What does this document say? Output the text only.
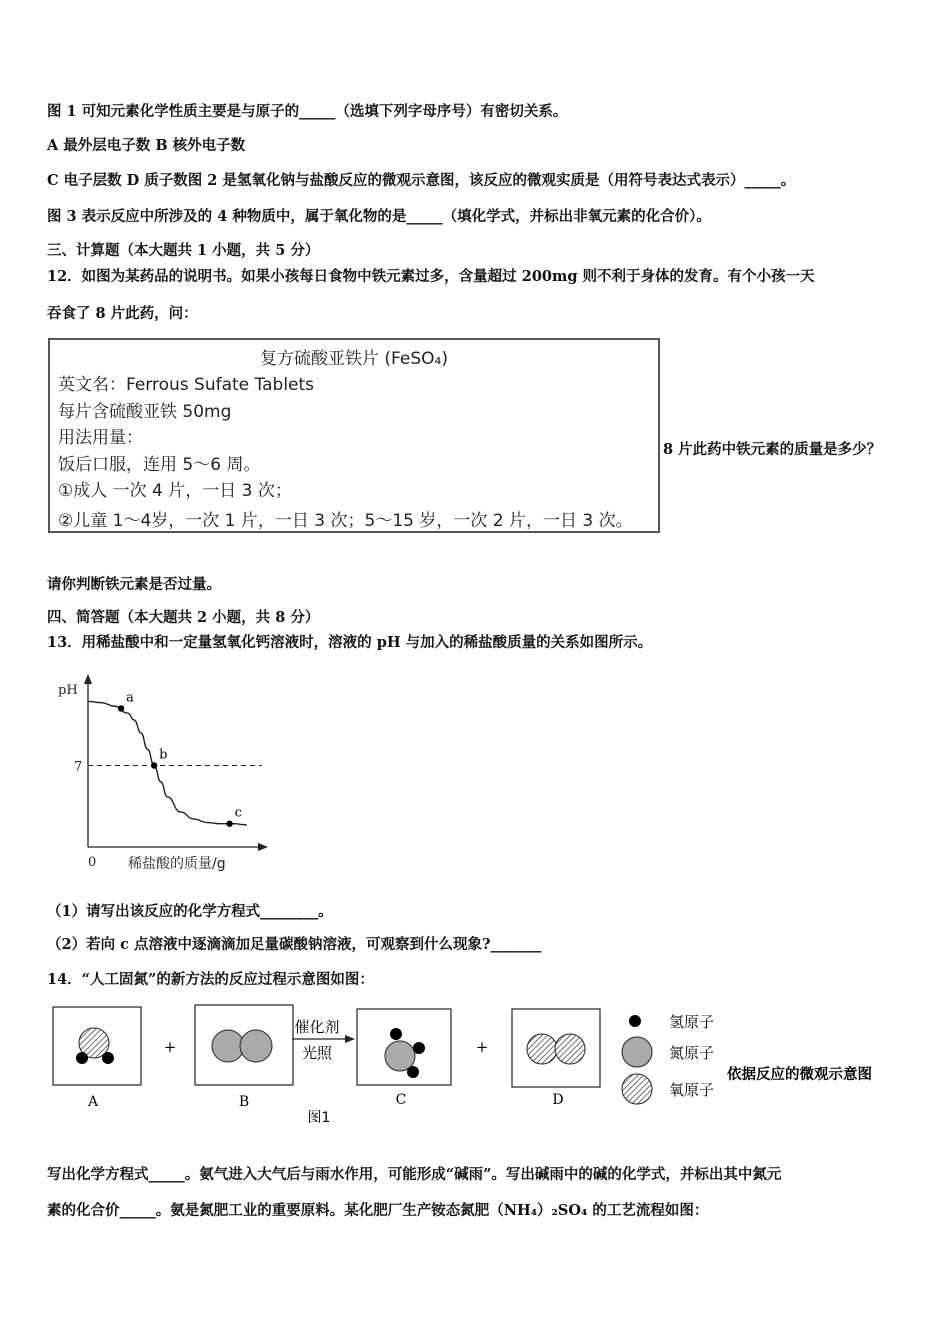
图 1 可知元素化学性质主要是与原子的_____（选填下列字母序号）有密切关系。
A 最外层电子数 B 核外电子数
C 电子层数 D 质子数图 2 是氢氧化钠与盐酸反应的微观示意图，该反应的微观实质是（用符号表达式表示）_____。
图 3 表示反应中所涉及的 4 种物质中，属于氧化物的是_____（填化学式，并标出非氧元素的化合价）。
三、计算题（本大题共 1 小题，共 5 分）
12．如图为某药品的说明书。如果小孩每日食物中铁元素过多，含量超过 200mg 则不利于身体的发育。有个小孩一天
吞食了 8 片此药，问：
复方硫酸亚铁片 (FeSO₄)
英文名：Ferrous Sufate Tablets
每片含硫酸亚铁 50mg
用法用量：
饭后口服，连用 5～6 周。
①成人 一次 4 片，一日 3 次；
②儿童 1～4岁，一次 1 片，一日 3 次；5～15 岁，一次 2 片，一日 3 次。
8 片此药中铁元素的质量是多少？
请你判断铁元素是否过量。
四、简答题（本大题共 2 小题，共 8 分）
13．用稀盐酸中和一定量氢氧化钙溶液时，溶液的 pH 与加入的稀盐酸质量的关系如图所示。
pH
7
0 稀盐酸的质量/g
a
b
c
（1）请写出该反应的化学方程式________。
（2）若向 c 点溶液中逐滴滴加足量碳酸钠溶液，可观察到什么现象?_______
14．“人工固氮”的新方法的反应过程示意图如图：
A
+
B
催化剂
光照
C
图1
+
D
氢原子
氮原子
氧原子
依据反应的微观示意图
写出化学方程式_____。氨气进入大气后与雨水作用，可能形成“碱雨”。写出碱雨中的碱的化学式，并标出其中氮元
素的化合价_____。氨是氮肥工业的重要原料。某化肥厂生产铵态氮肥（NH₄）₂SO₄ 的工艺流程如图：
